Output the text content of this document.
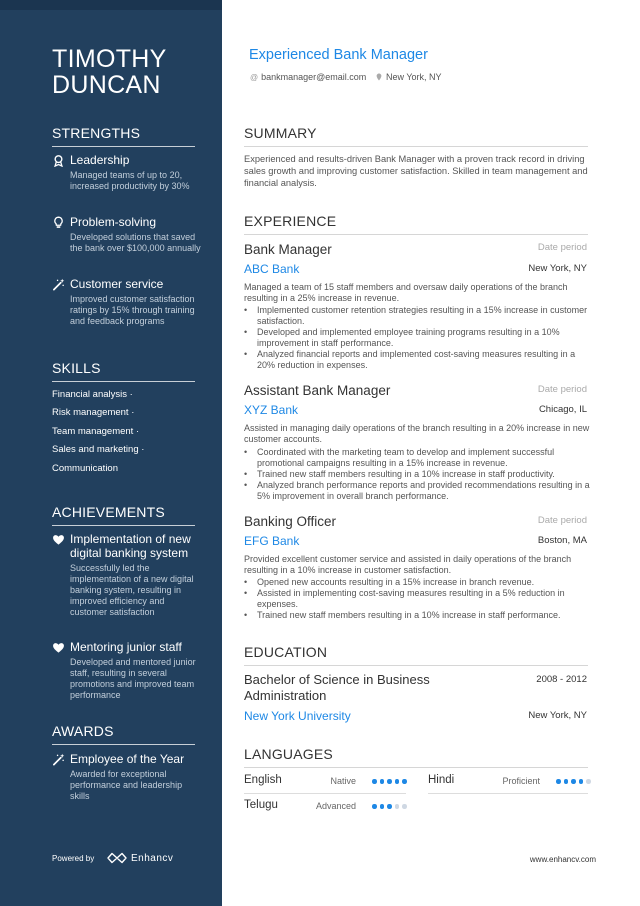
TIMOTHY
DUNCAN
STRENGTHS
Leadership
Managed teams of up to 20, increased productivity by 30%
Problem-solving
Developed solutions that saved the bank over $100,000 annually
Customer service
Improved customer satisfaction ratings by 15% through training and feedback programs
SKILLS
Financial analysis ·
Risk management ·
Team management ·
Sales and marketing ·
Communication
ACHIEVEMENTS
Implementation of new digital banking system
Successfully led the implementation of a new digital banking system, resulting in improved efficiency and customer satisfaction
Mentoring junior staff
Developed and mentored junior staff, resulting in several promotions and improved team performance
AWARDS
Employee of the Year
Awarded for exceptional performance and leadership skills
Powered by	Enhancv
Experienced Bank Manager
@ bankmanager@email.com	New York, NY
SUMMARY
Experienced and results-driven Bank Manager with a proven track record in driving sales growth and improving customer satisfaction. Skilled in team management and financial analysis.
EXPERIENCE
Bank Manager	Date period
ABC Bank	New York, NY
Managed a team of 15 staff members and oversaw daily operations of the branch resulting in a 25% increase in revenue.
• Implemented customer retention strategies resulting in a 15% increase in customer satisfaction.
• Developed and implemented employee training programs resulting in a 10% improvement in staff performance.
• Analyzed financial reports and implemented cost-saving measures resulting in a 20% reduction in expenses.
Assistant Bank Manager	Date period
XYZ Bank	Chicago, IL
Assisted in managing daily operations of the branch resulting in a 20% increase in new customer accounts.
• Coordinated with the marketing team to develop and implement successful promotional campaigns resulting in a 15% increase in revenue.
• Trained new staff members resulting in a 10% increase in staff productivity.
• Analyzed branch performance reports and provided recommendations resulting in a 5% improvement in overall branch performance.
Banking Officer	Date period
EFG Bank	Boston, MA
Provided excellent customer service and assisted in daily operations of the branch resulting in a 10% increase in customer satisfaction.
• Opened new accounts resulting in a 15% increase in branch revenue.
• Assisted in implementing cost-saving measures resulting in a 5% reduction in expenses.
• Trained new staff members resulting in a 10% increase in staff performance.
EDUCATION
Bachelor of Science in Business Administration
2008 - 2012
New York University	New York, NY
LANGUAGES
English	Native	Hindi	Proficient
Telugu	Advanced
www.enhancv.com
